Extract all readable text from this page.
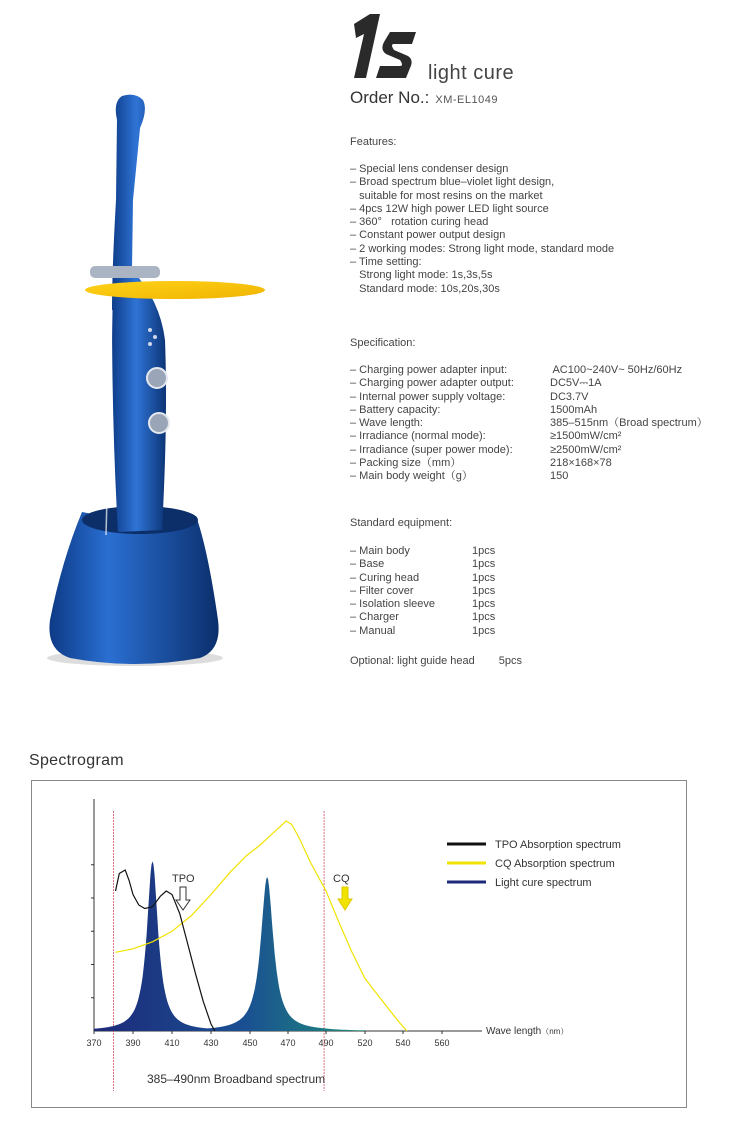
light cure
Order No.: XM-EL1049
Features:
– Special lens condenser design
– Broad spectrum blue–violet light design,
suitable for most resins on the market
– 4pcs 12W high power LED light source
– 360°   rotation curing head
– Constant power output design
– 2 working modes: Strong light mode, standard mode
– Time setting:
Strong light mode: 1s,3s,5s
Standard mode: 10s,20s,30s
Specification:
– Charging power adapter input:	AC100~240V~ 50Hz/60Hz
– Charging power adapter output:	DC5V⎓1A
– Internal power supply voltage:	DC3.7V
– Battery capacity:	1500mAh
– Wave length:	385–515nm（Broad spectrum）
– Irradiance (normal mode):	≥1500mW/cm²
– Irradiance (super power mode):	≥2500mW/cm²
– Packing size（mm）	218×168×78
– Main body weight（g）	150
Standard equipment:
– Main body	1pcs
– Base	1pcs
– Curing head	1pcs
– Filter cover	1pcs
– Isolation sleeve	1pcs
– Charger	1pcs
– Manual	1pcs
Optional: light guide head 5pcs
Spectrogram
370	390	410	430	450	470	490	520	540	560
Wave length（nm）
TPO	CQ
385–490nm Broadband spectrum
TPO Absorption spectrum
CQ Absorption spectrum
Light cure spectrum
